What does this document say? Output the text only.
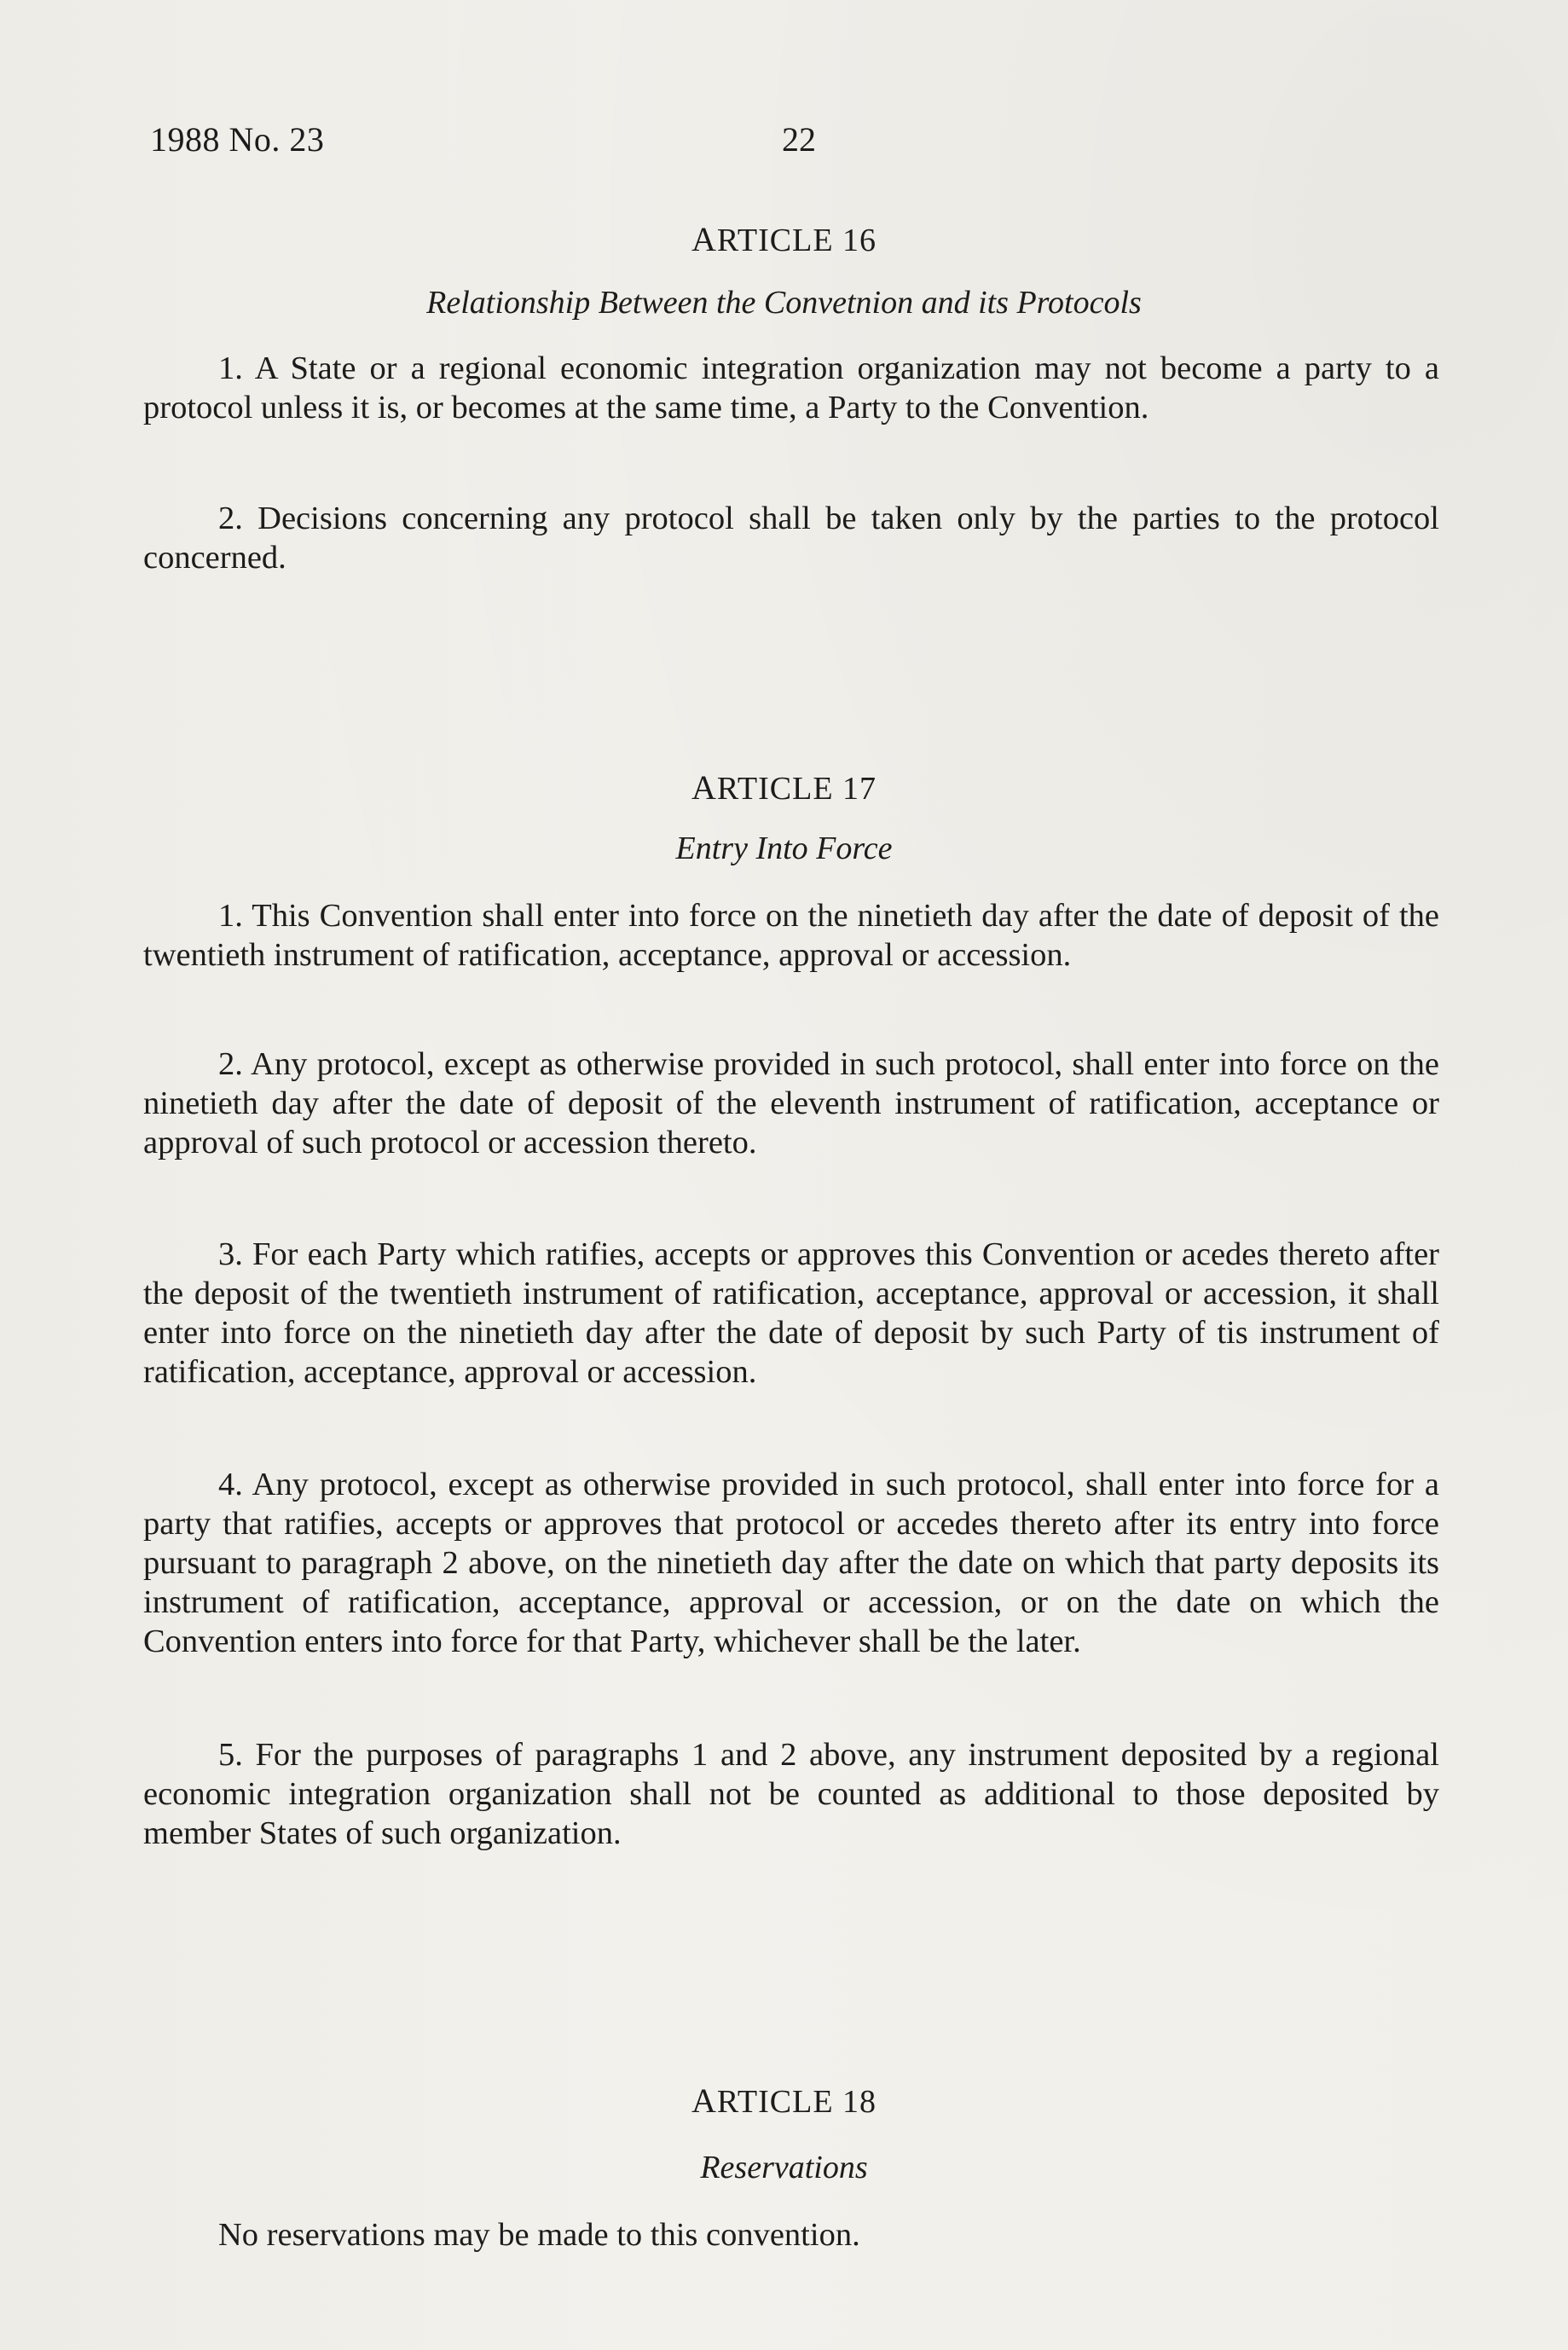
1988 No. 23	22
ARTICLE 16
Relationship Between the Convetnion and its Protocols
1. A State or a regional economic integration organization may not become a party to a protocol unless it is, or becomes at the same time, a Party to the Convention.
2. Decisions concerning any protocol shall be taken only by the parties to the protocol concerned.
ARTICLE 17
Entry Into Force
1. This Convention shall enter into force on the ninetieth day after the date of deposit of the twentieth instrument of ratification, acceptance, approval or accession.
2. Any protocol, except as otherwise provided in such protocol, shall enter into force on the ninetieth day after the date of deposit of the eleventh instrument of ratification, acceptance or approval of such protocol or accession thereto.
3. For each Party which ratifies, accepts or approves this Convention or acedes thereto after the deposit of the twentieth instrument of ratification, acceptance, approval or accession, it shall enter into force on the ninetieth day after the date of deposit by such Party of tis instrument of ratification, acceptance, approval or accession.
4. Any protocol, except as otherwise provided in such protocol, shall enter into force for a party that ratifies, accepts or approves that protocol or accedes thereto after its entry into force pursuant to paragraph 2 above, on the ninetieth day after the date on which that party deposits its instrument of ratification, acceptance, approval or accession, or on the date on which the Convention enters into force for that Party, whichever shall be the later.
5. For the purposes of paragraphs 1 and 2 above, any instrument deposited by a regional economic integration organization shall not be counted as additional to those deposited by member States of such organization.
ARTICLE 18
Reservations
No reservations may be made to this convention.
